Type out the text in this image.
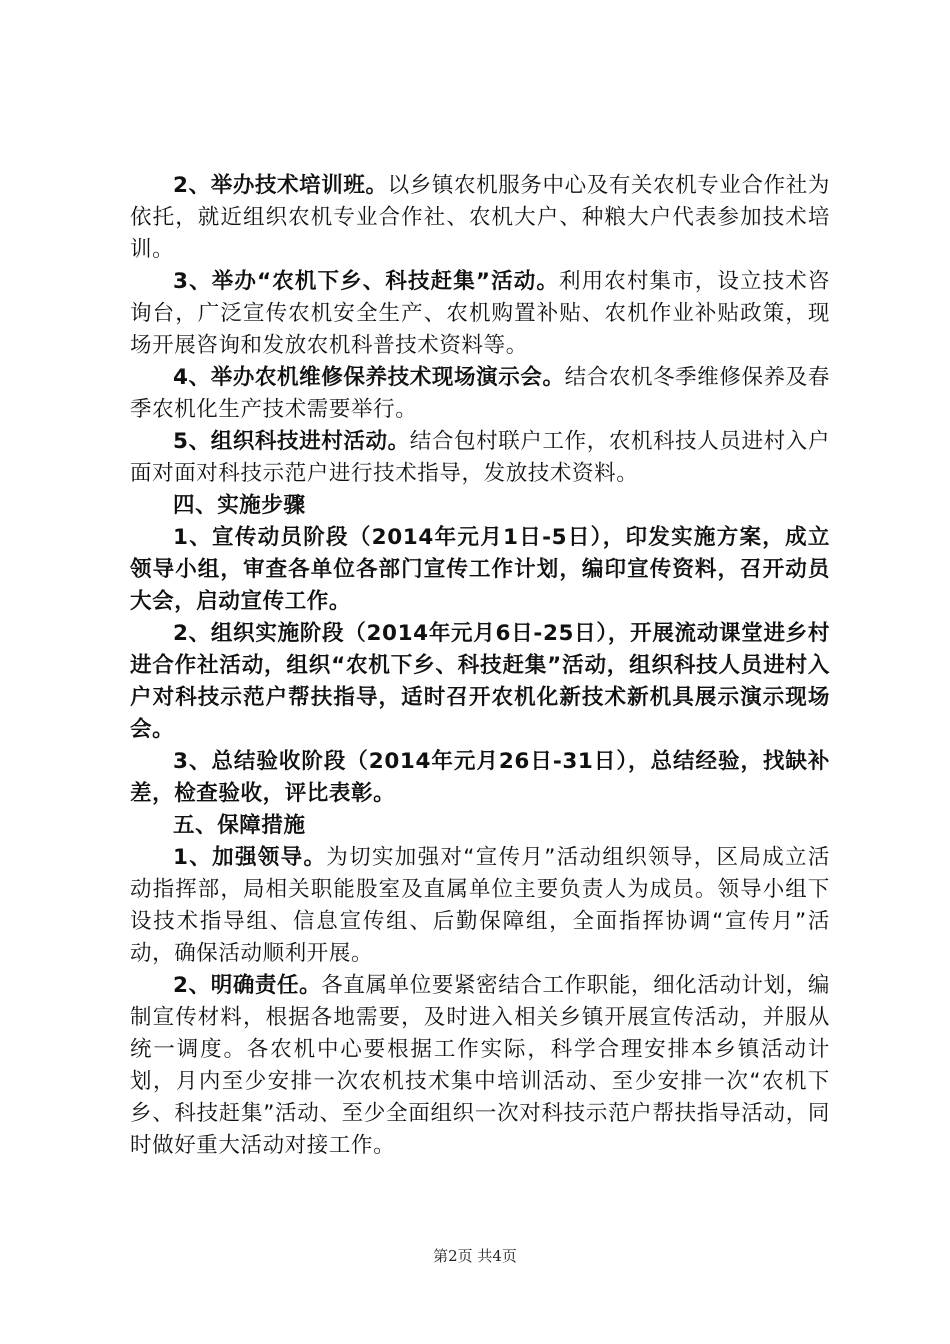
2、举办技术培训班。以乡镇农机服务中心及有关农机专业合作社为依托，就近组织农机专业合作社、农机大户、种粮大户代表参加技术培训。

3、举办“农机下乡、科技赶集”活动。利用农村集市，设立技术咨询台，广泛宣传农机安全生产、农机购置补贴、农机作业补贴政策，现场开展咨询和发放农机科普技术资料等。

4、举办农机维修保养技术现场演示会。结合农机冬季维修保养及春季农机化生产技术需要举行。

5、组织科技进村活动。结合包村联户工作，农机科技人员进村入户面对面对科技示范户进行技术指导，发放技术资料。

四、实施步骤

1、宣传动员阶段（2014年元月1日-5日），印发实施方案，成立领导小组，审查各单位各部门宣传工作计划，编印宣传资料，召开动员大会，启动宣传工作。

2、组织实施阶段（2014年元月6日-25日），开展流动课堂进乡村进合作社活动，组织“农机下乡、科技赶集”活动，组织科技人员进村入户对科技示范户帮扶指导，适时召开农机化新技术新机具展示演示现场会。

3、总结验收阶段（2014年元月26日-31日），总结经验，找缺补差，检查验收，评比表彰。

五、保障措施

1、加强领导。为切实加强对“宣传月”活动组织领导，区局成立活动指挥部，局相关职能股室及直属单位主要负责人为成员。领导小组下设技术指导组、信息宣传组、后勤保障组，全面指挥协调“宣传月”活动，确保活动顺利开展。

2、明确责任。各直属单位要紧密结合工作职能，细化活动计划，编制宣传材料，根据各地需要，及时进入相关乡镇开展宣传活动，并服从统一调度。各农机中心要根据工作实际，科学合理安排本乡镇活动计划，月内至少安排一次农机技术集中培训活动、至少安排一次“农机下乡、科技赶集”活动、至少全面组织一次对科技示范户帮扶指导活动，同时做好重大活动对接工作。

第2页 共4页
